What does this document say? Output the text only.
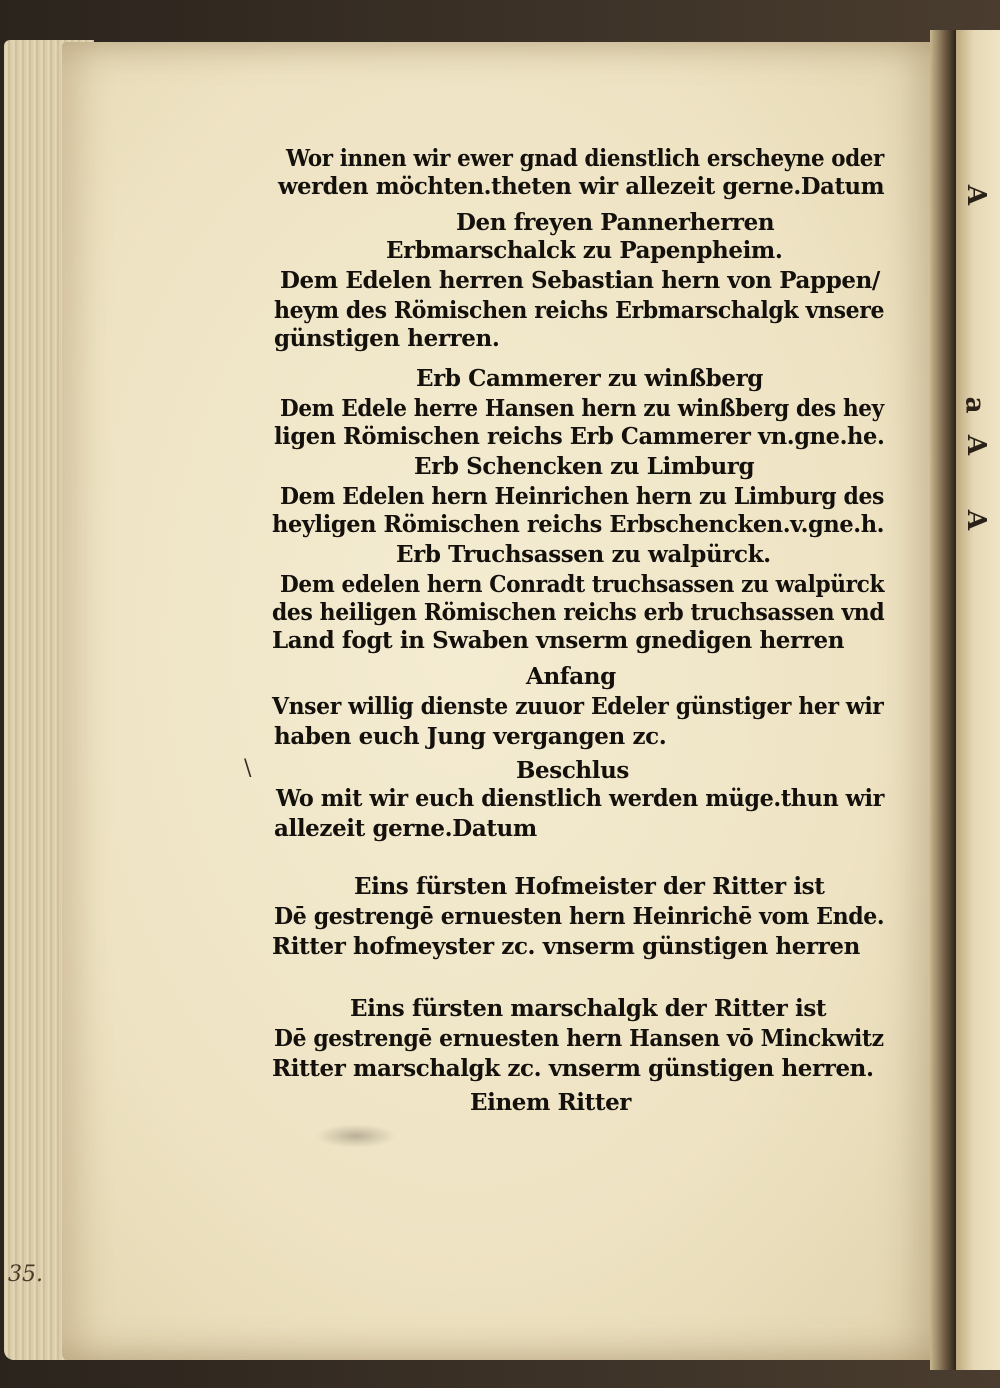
A
a
A
A
Wor innen wir ewer gnad dienstlich erscheyne oder
werden möchten.theten wir allezeit gerne.Datum
Den freyen Pannerherren
Erbmarschalck zu Papenpheim.
Dem Edelen herren Sebastian hern von Pappen/
heym des Römischen reichs Erbmarschalgk vnsere
günstigen herren.
Erb Cammerer zu winßberg
Dem Edele herre Hansen hern zu winßberg des hey
ligen Römischen reichs Erb Cammerer vn.gne.he.
Erb Schencken zu Limburg
Dem Edelen hern Heinrichen hern zu Limburg des
heyligen Römischen reichs Erbschencken.v.gne.h.
Erb Truchsassen zu walpürck.
Dem edelen hern Conradt truchsassen zu walpürck
des heiligen Römischen reichs erb truchsassen vnd
Land fogt in Swaben vnserm gnedigen herren
Anfang
Vnser willig dienste zuuor Edeler günstiger her wir
haben euch Jung vergangen zc.
Beschlus
Wo mit wir euch dienstlich werden müge.thun wir
allezeit gerne.Datum
Eins fürsten Hofmeister der Ritter ist
Dē gestrengē ernuesten hern Heinrichē vom Ende.
Ritter hofmeyster zc. vnserm günstigen herren
Eins fürsten marschalgk der Ritter ist
Dē gestrengē ernuesten hern Hansen vō Minckwitz
Ritter marschalgk zc. vnserm günstigen herren.
Einem Ritter
\
35.
